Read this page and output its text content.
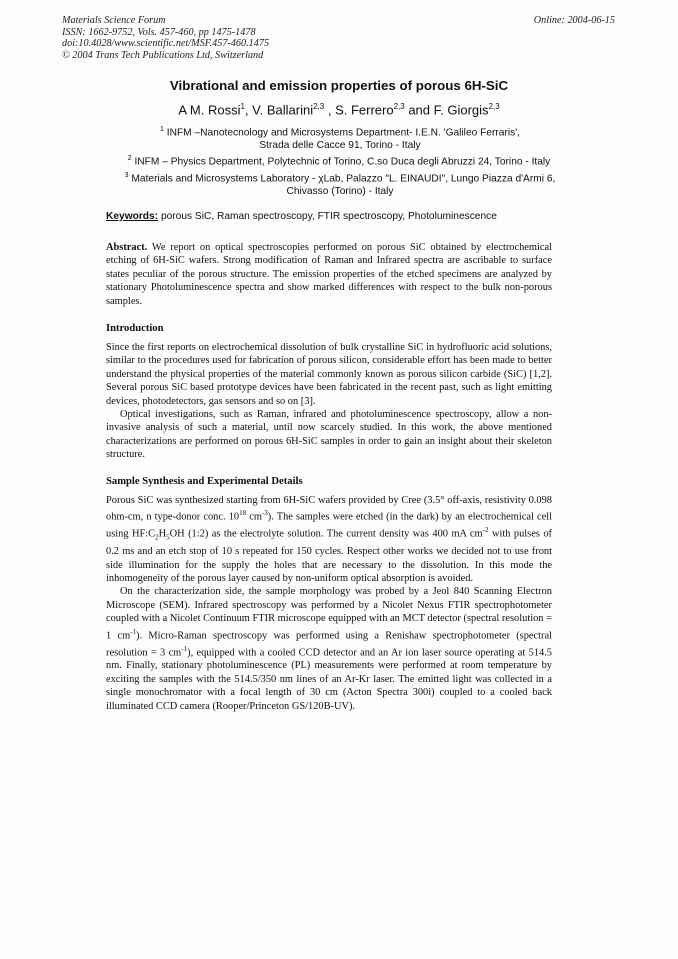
Materials Science Forum
ISSN: 1662-9752, Vols. 457-460, pp 1475-1478
doi:10.4028/www.scientific.net/MSF.457-460.1475
© 2004 Trans Tech Publications Ltd, Switzerland
Online: 2004-06-15
Vibrational and emission properties of porous 6H-SiC
A M. Rossi$^1$, V. Ballarini$^{2,3}$ , S. Ferrero$^{2,3}$ and F. Giorgis$^{2,3}$
$^1$ INFM –Nanotecnology and Microsystems Department- I.E.N. 'Galileo Ferraris',
Strada delle Cacce 91, Torino - Italy
$^2$ INFM – Physics Department, Polytechnic of Torino, C.so Duca degli Abruzzi 24, Torino - Italy
$^3$ Materials and Microsystems Laboratory - χLab, Palazzo "L. EINAUDI", Lungo Piazza d'Armi 6,
Chivasso (Torino) - Italy
Keywords: porous SiC, Raman spectroscopy, FTIR spectroscopy, Photoluminescence

Abstract. We report on optical spectroscopies performed on porous SiC obtained by electrochemical etching of 6H-SiC wafers. Strong modification of Raman and Infrared spectra are ascribable to surface states peculiar of the porous structure. The emission properties of the etched specimens are analyzed by stationary Photoluminescence spectra and show marked differences with respect to the bulk non-porous samples.

Introduction

Since the first reports on electrochemical dissolution of bulk crystalline SiC in hydrofluoric acid solutions, similar to the procedures used for fabrication of porous silicon, considerable effort has been made to better understand the physical properties of the material commonly known as porous silicon carbide (SiC) [1,2]. Several porous SiC based prototype devices have been fabricated in the recent past, such as light emitting devices, photodetectors, gas sensors and so on [3].

Optical investigations, such as Raman, infrared and photoluminescence spectroscopy, allow a non-invasive analysis of such a material, until now scarcely studied. In this work, the above mentioned characterizations are performed on porous 6H-SiC samples in order to gain an insight about their skeleton structure.

Sample Synthesis and Experimental Details

Porous SiC was synthesized starting from 6H-SiC wafers provided by Cree (3.5° off-axis, resistivity 0.098 ohm-cm, n type-donor conc. $10^{18}$ $cm^{-3}$). The samples were etched (in the dark) by an electrochemical cell using $HF:C_2H_5OH$ (1:2) as the electrolyte solution. The current density was 400 mA $cm^{-2}$ with pulses of 0.2 ms and an etch stop of 10 s repeated for 150 cycles. Respect other works we decided not to use front side illumination for the supply the holes that are necessary to the dissolution. In this mode the inhomogeneity of the porous layer caused by non-uniform optical absorption is avoided.

On the characterization side, the sample morphology was probed by a Jeol 840 Scanning Electron Microscope (SEM). Infrared spectroscopy was performed by a Nicolet Nexus FTIR spectrophotometer coupled with a Nicolet Continuum FTIR microscope equipped with an MCT detector (spectral resolution = 1 $cm^{-1}$). Micro-Raman spectroscopy was performed using a Renishaw spectrophotometer (spectral resolution = 3 $cm^{-1}$), equipped with a cooled CCD detector and an Ar ion laser source operating at 514.5 nm. Finally, stationary photoluminescence (PL) measurements were performed at room temperature by exciting the samples with the 514.5/350 nm lines of an Ar-Kr laser. The emitted light was collected in a single monochromator with a focal length of 30 cm (Acton Spectra 300i) coupled to a cooled back illuminated CCD camera (Rooper/Princeton GS/120B-UV).
